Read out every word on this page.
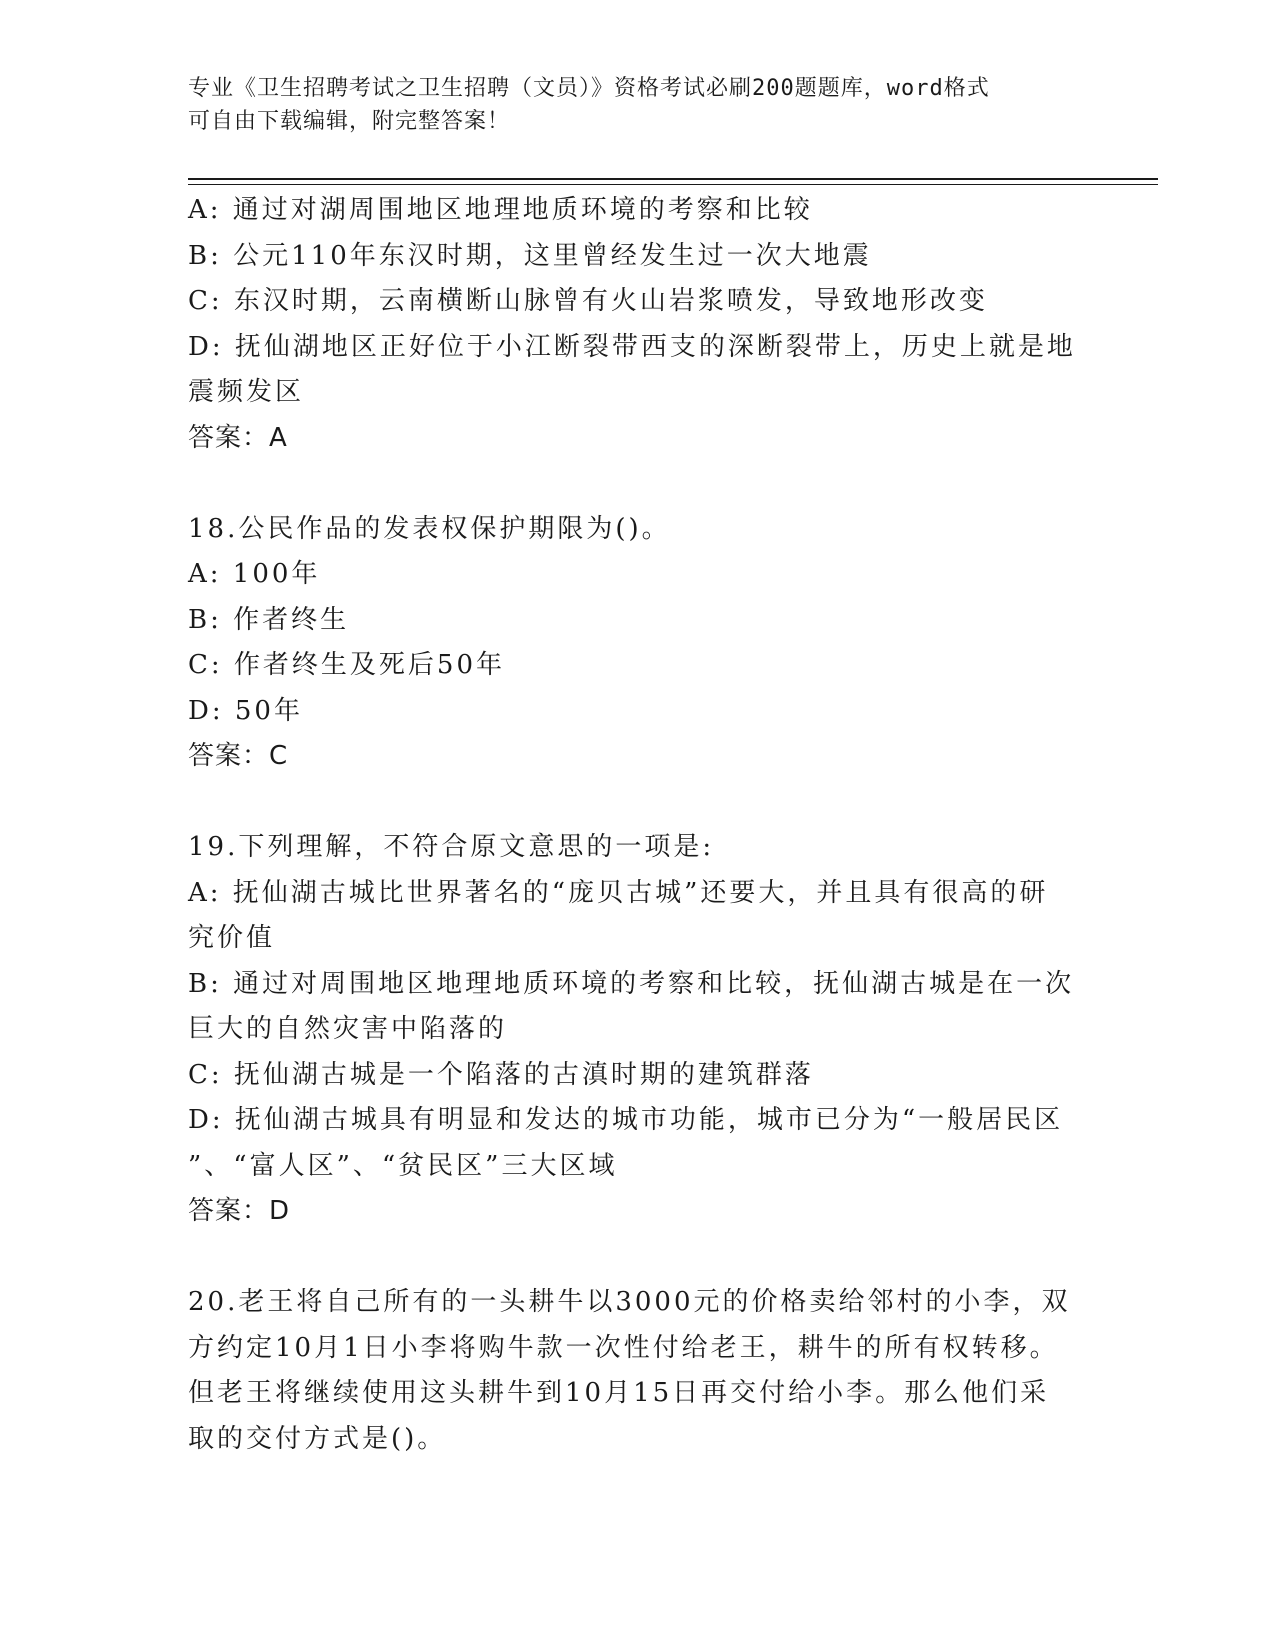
专业《卫生招聘考试之卫生招聘（文员）》资格考试必刷200题题库，word格式

可自由下载编辑，附完整答案！

A: 通过对湖周围地区地理地质环境的考察和比较

B: 公元110年东汉时期，这里曾经发生过一次大地震

C: 东汉时期，云南横断山脉曾有火山岩浆喷发，导致地形改变

D: 抚仙湖地区正好位于小江断裂带西支的深断裂带上，历史上就是地

震频发区

答案：A

18.公民作品的发表权保护期限为()。

A: 100年

B: 作者终生

C: 作者终生及死后50年

D: 50年

答案：C

19.下列理解，不符合原文意思的一项是:

A: 抚仙湖古城比世界著名的“庞贝古城”还要大，并且具有很高的研

究价值

B: 通过对周围地区地理地质环境的考察和比较，抚仙湖古城是在一次

巨大的自然灾害中陷落的

C: 抚仙湖古城是一个陷落的古滇时期的建筑群落

D: 抚仙湖古城具有明显和发达的城市功能，城市已分为“一般居民区

”、“富人区”、“贫民区”三大区域

答案：D

20.老王将自己所有的一头耕牛以3000元的价格卖给邻村的小李，双

方约定10月1日小李将购牛款一次性付给老王，耕牛的所有权转移。

但老王将继续使用这头耕牛到10月15日再交付给小李。那么他们采

取的交付方式是()。
